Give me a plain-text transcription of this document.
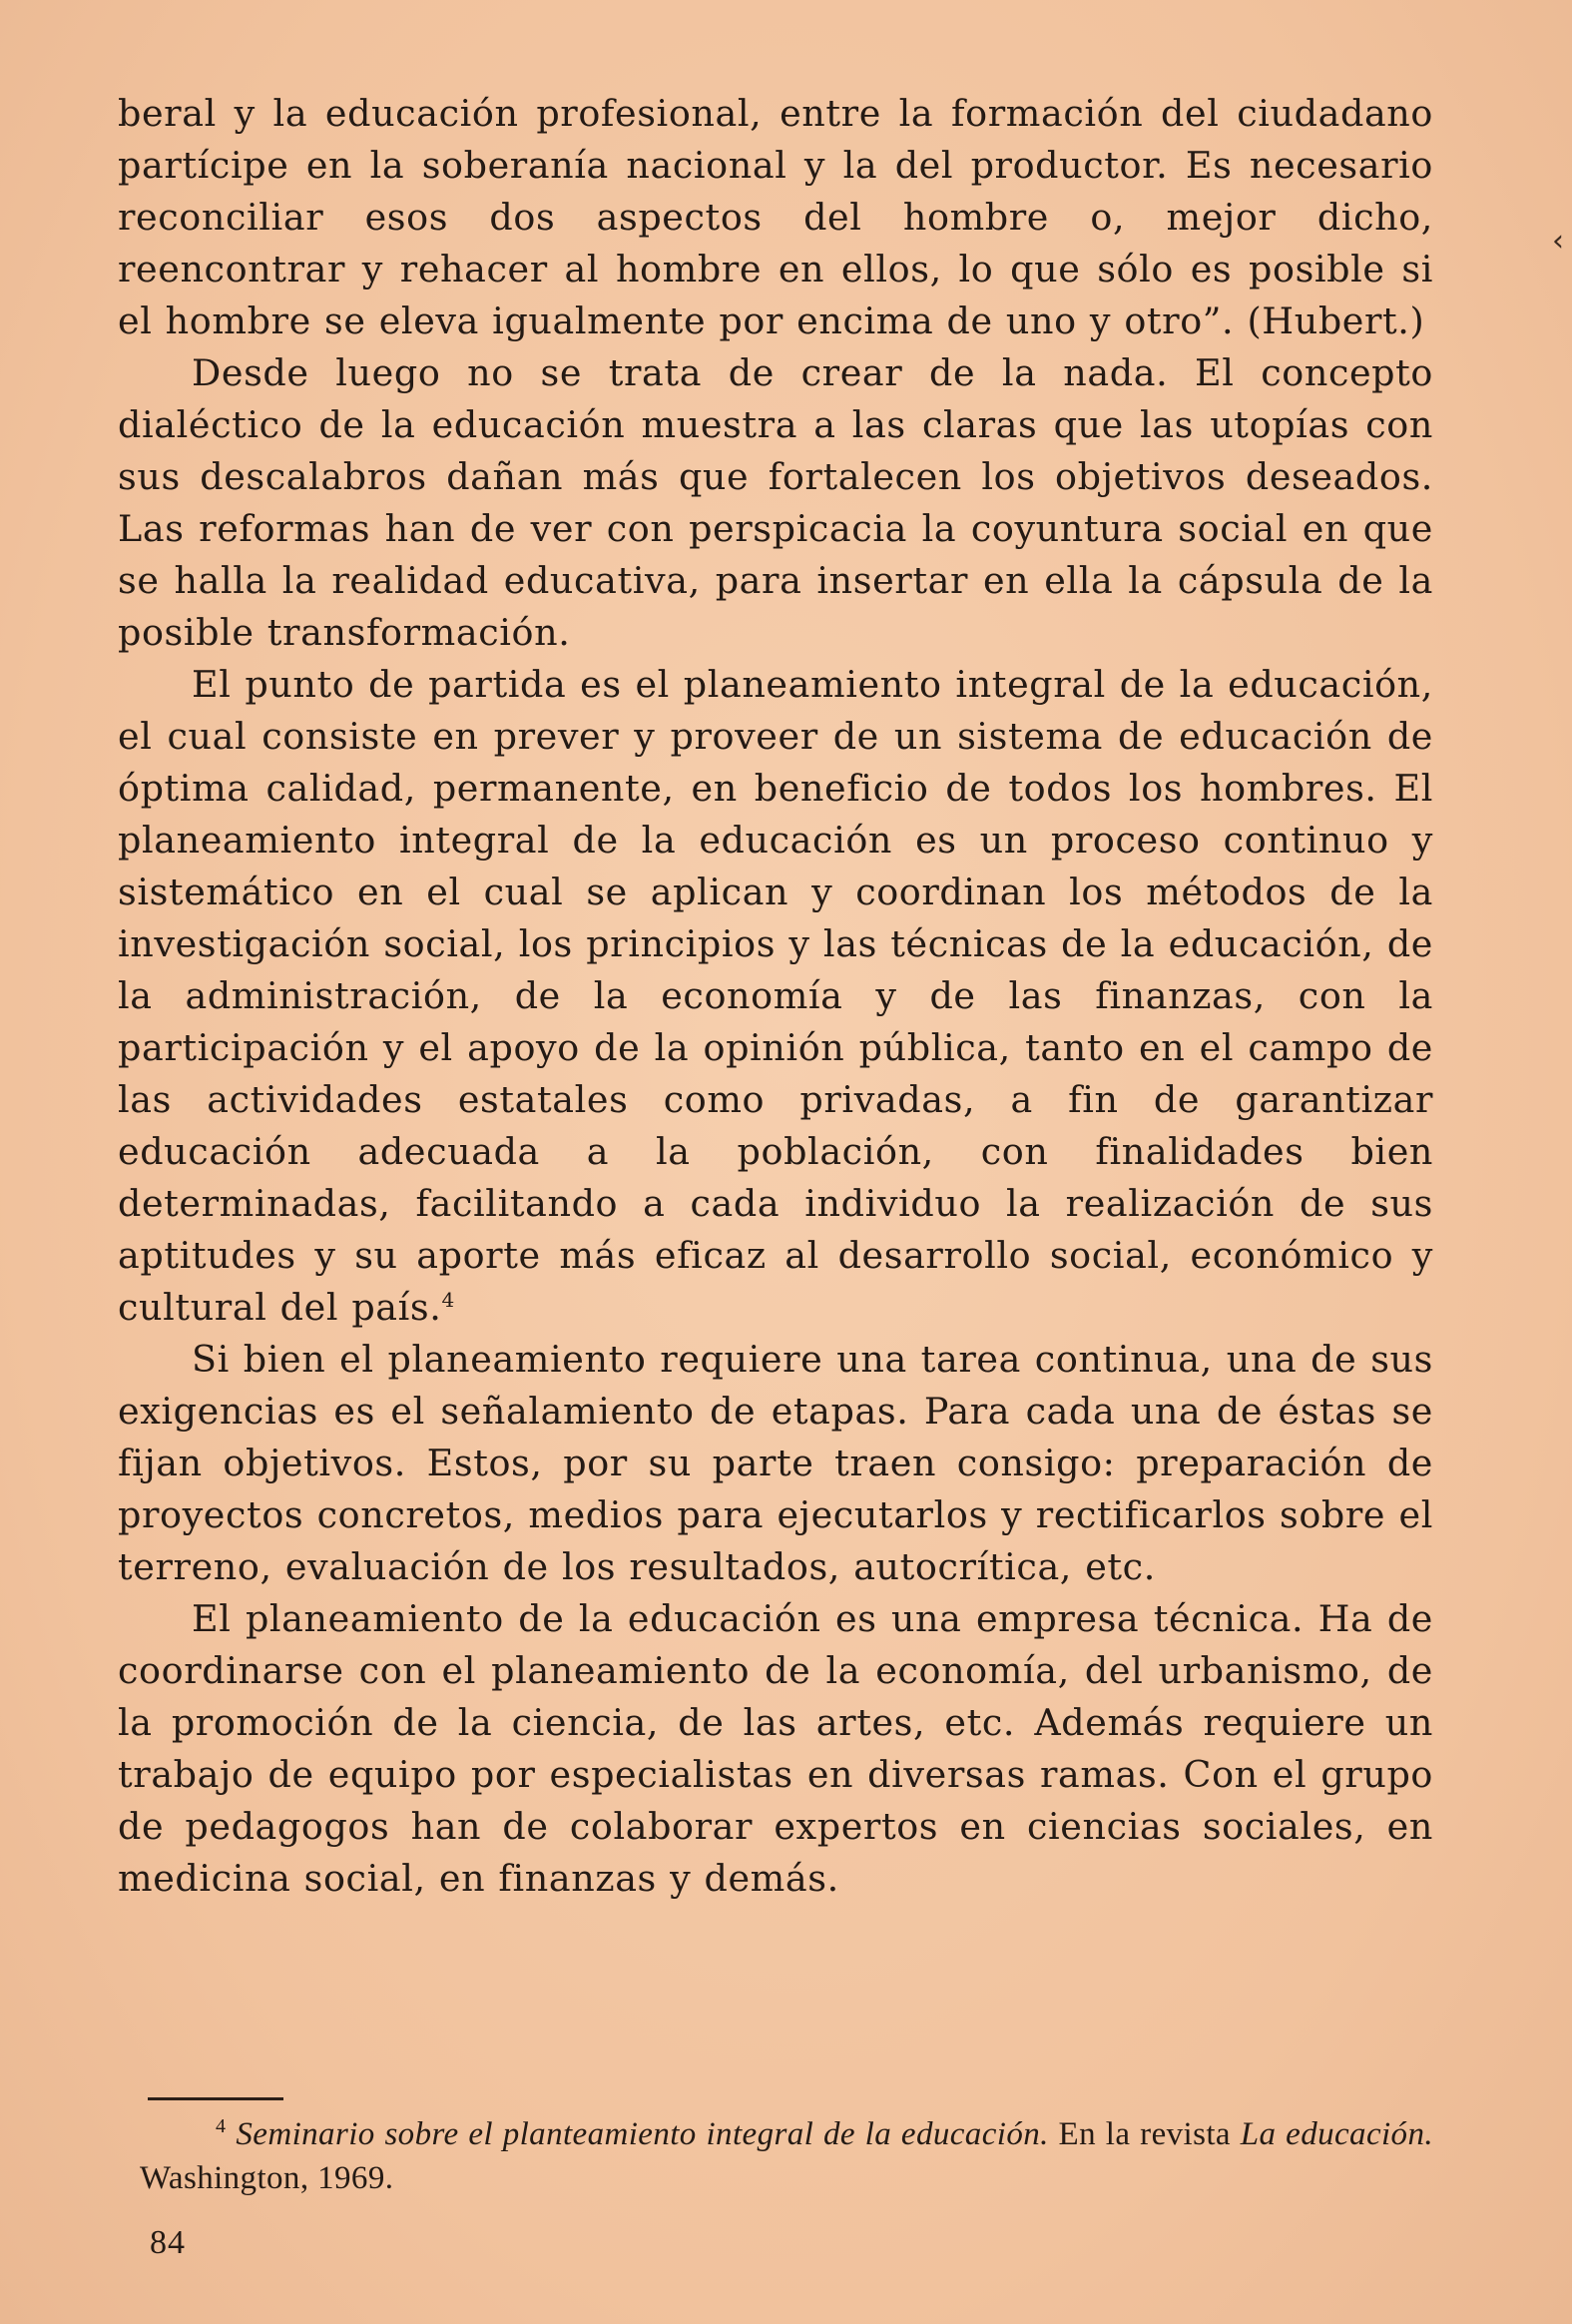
beral y la educación profesional, entre la formación del ciudadano partícipe en la soberanía nacional y la del productor. Es necesario reconciliar esos dos aspectos del hombre o, mejor dicho, reencontrar y rehacer al hombre en ellos, lo que sólo es posible si el hombre se eleva igualmente por encima de uno y otro”. (Hubert.)

Desde luego no se trata de crear de la nada. El concepto dialéctico de la educación muestra a las claras que las utopías con sus descalabros dañan más que fortalecen los objetivos deseados. Las reformas han de ver con perspicacia la coyuntura social en que se halla la realidad educativa, para insertar en ella la cápsula de la posible transformación.

El punto de partida es el planeamiento integral de la educación, el cual consiste en prever y proveer de un sistema de educación de óptima calidad, permanente, en beneficio de todos los hombres. El planeamiento integral de la educación es un proceso continuo y sistemático en el cual se aplican y coordinan los métodos de la investigación social, los principios y las técnicas de la educación, de la administración, de la economía y de las finanzas, con la participación y el apoyo de la opinión pública, tanto en el campo de las actividades estatales como privadas, a fin de garantizar educación adecuada a la población, con finalidades bien determinadas, facilitando a cada individuo la realización de sus aptitudes y su aporte más eficaz al desarrollo social, económico y cultural del país.$^4$

Si bien el planeamiento requiere una tarea continua, una de sus exigencias es el señalamiento de etapas. Para cada una de éstas se fijan objetivos. Estos, por su parte traen consigo: preparación de proyectos concretos, medios para ejecutarlos y rectificarlos sobre el terreno, evaluación de los resultados, autocrítica, etc.

El planeamiento de la educación es una empresa técnica. Ha de coordinarse con el planeamiento de la economía, del urbanismo, de la promoción de la ciencia, de las artes, etc. Además requiere un trabajo de equipo por especialistas en diversas ramas. Con el grupo de pedagogos han de colaborar expertos en ciencias sociales, en medicina social, en finanzas y demás.

$^4$ Seminario sobre el planteamiento integral de la educación. En la revista La educación. Washington, 1969.
84
‹
